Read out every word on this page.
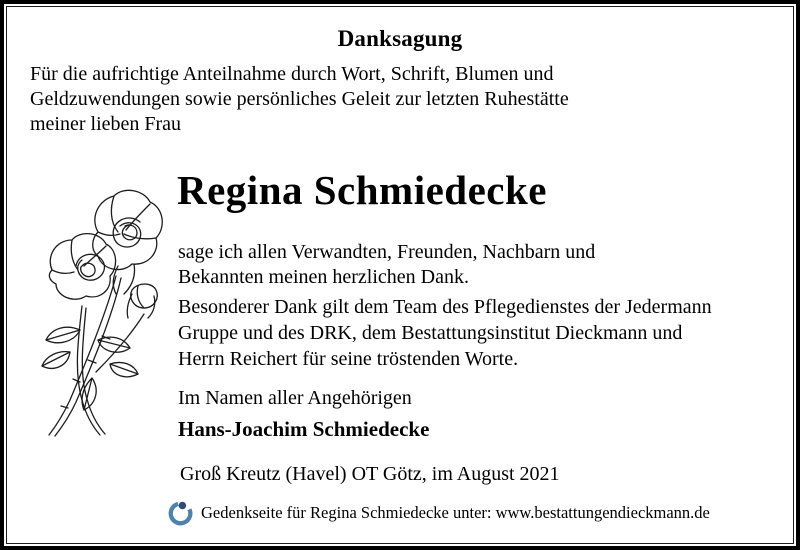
Danksagung
Für die aufrichtige Anteilnahme durch Wort, Schrift, Blumen und
Geldzuwendungen sowie persönliches Geleit zur letzten Ruhestätte
meiner lieben Frau
Regina Schmiedecke
sage ich allen Verwandten, Freunden, Nachbarn und
Bekannten meinen herzlichen Dank.
Besonderer Dank gilt dem Team des Pflegedienstes der Jedermann
Gruppe und des DRK, dem Bestattungsinstitut Dieckmann und
Herrn Reichert für seine tröstenden Worte.
Im Namen aller Angehörigen
Hans-Joachim Schmiedecke
Groß Kreutz (Havel) OT Götz, im August 2021
Gedenkseite für Regina Schmiedecke unter: www.bestattungendieckmann.de
